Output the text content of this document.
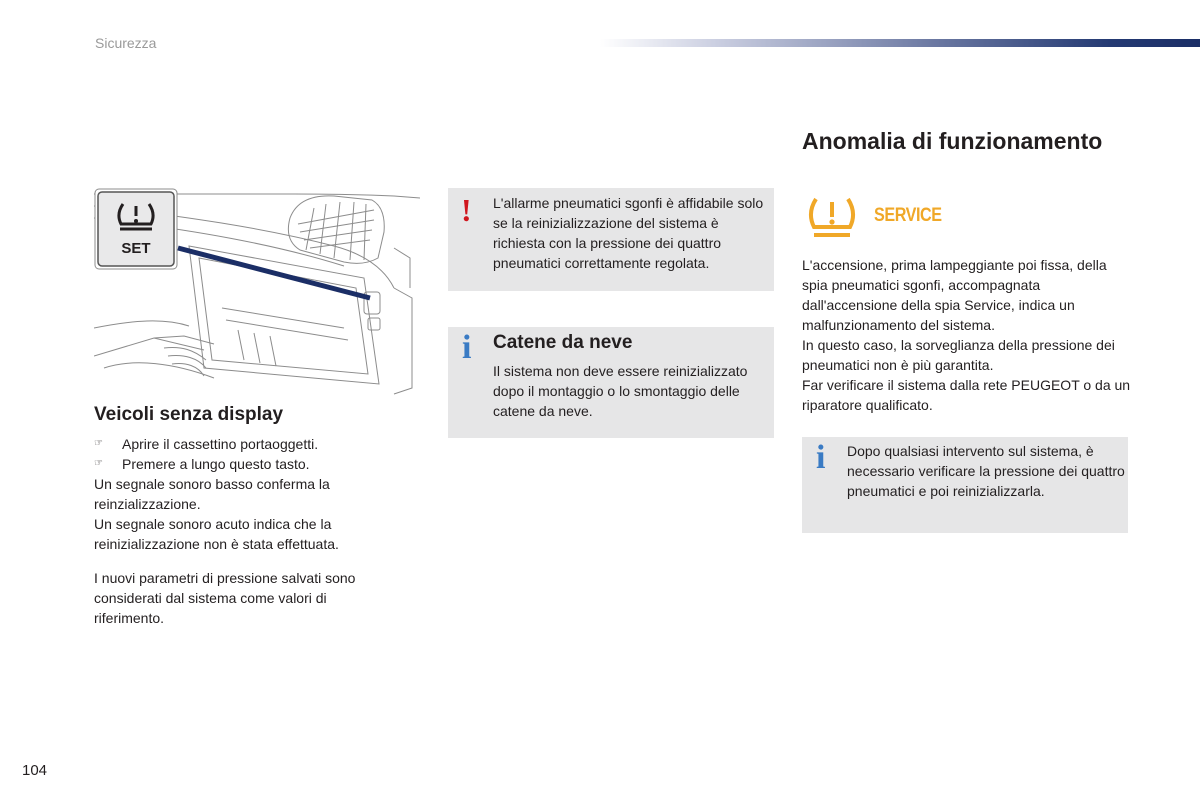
Sicurezza
SET
Veicoli senza display
☞	Aprire il cassettino portaoggetti.
☞	Premere a lungo questo tasto.
Un segnale sonoro basso conferma la reinzializzazione.
Un segnale sonoro acuto indica che la reinizializzazione non è stata effettuata.
I nuovi parametri di pressione salvati sono considerati dal sistema come valori di riferimento.
! L'allarme pneumatici sgonfi è affidabile solo se la reinizializzazione del sistema è richiesta con la pressione dei quattro pneumatici correttamente regolata.
i Catene da neve
Il sistema non deve essere reinizializzato dopo il montaggio o lo smontaggio delle catene da neve.
Anomalia di funzionamento
SERVICE

L'accensione, prima lampeggiante poi fissa, della spia pneumatici sgonfi, accompagnata dall'accensione della spia Service, indica un malfunzionamento del sistema.

In questo caso, la sorveglianza della pressione dei pneumatici non è più garantita.

Far verificare il sistema dalla rete PEUGEOT o da un riparatore qualificato.

i Dopo qualsiasi intervento sul sistema, è necessario verificare la pressione dei quattro pneumatici e poi reinizializzarla.
104
